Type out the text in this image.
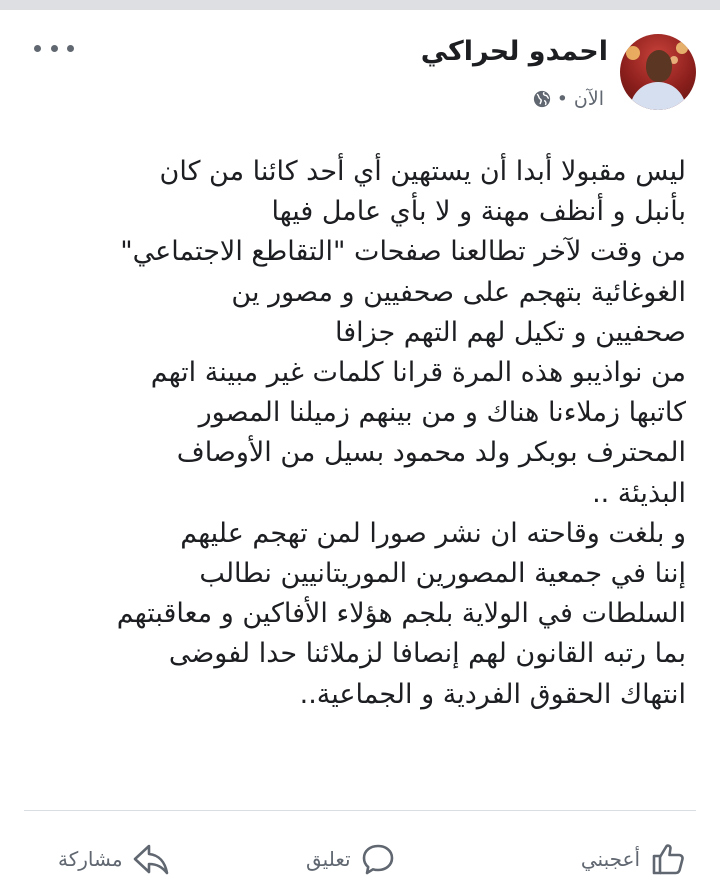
احمدو لحراكي
الآن
•
ليس مقبولا أبدا أن يستهين أي أحد كائنا من كان
بأنبل و أنظف مهنة و لا بأي عامل فيها
من وقت لآخر تطالعنا صفحات "التقاطع الاجتماعي"
الغوغائية بتهجم على صحفيين و مصور ين
صحفيين و تكيل لهم التهم جزافا
من نواذيبو هذه المرة قرانا كلمات غير مبينة اتهم
كاتبها زملاءنا هناك و من بينهم زميلنا المصور
المحترف بوبكر ولد محمود بسيل من الأوصاف
البذيئة ..
و بلغت وقاحته ان نشر صورا لمن تهجم عليهم
إننا في جمعية المصورين الموريتانيين نطالب
السلطات في الولاية بلجم هؤلاء الأفاكين و معاقبتهم
بما رتبه القانون لهم إنصافا لزملائنا حدا لفوضى
انتهاك الحقوق الفردية و الجماعية..
أعجبني
تعليق
مشاركة
